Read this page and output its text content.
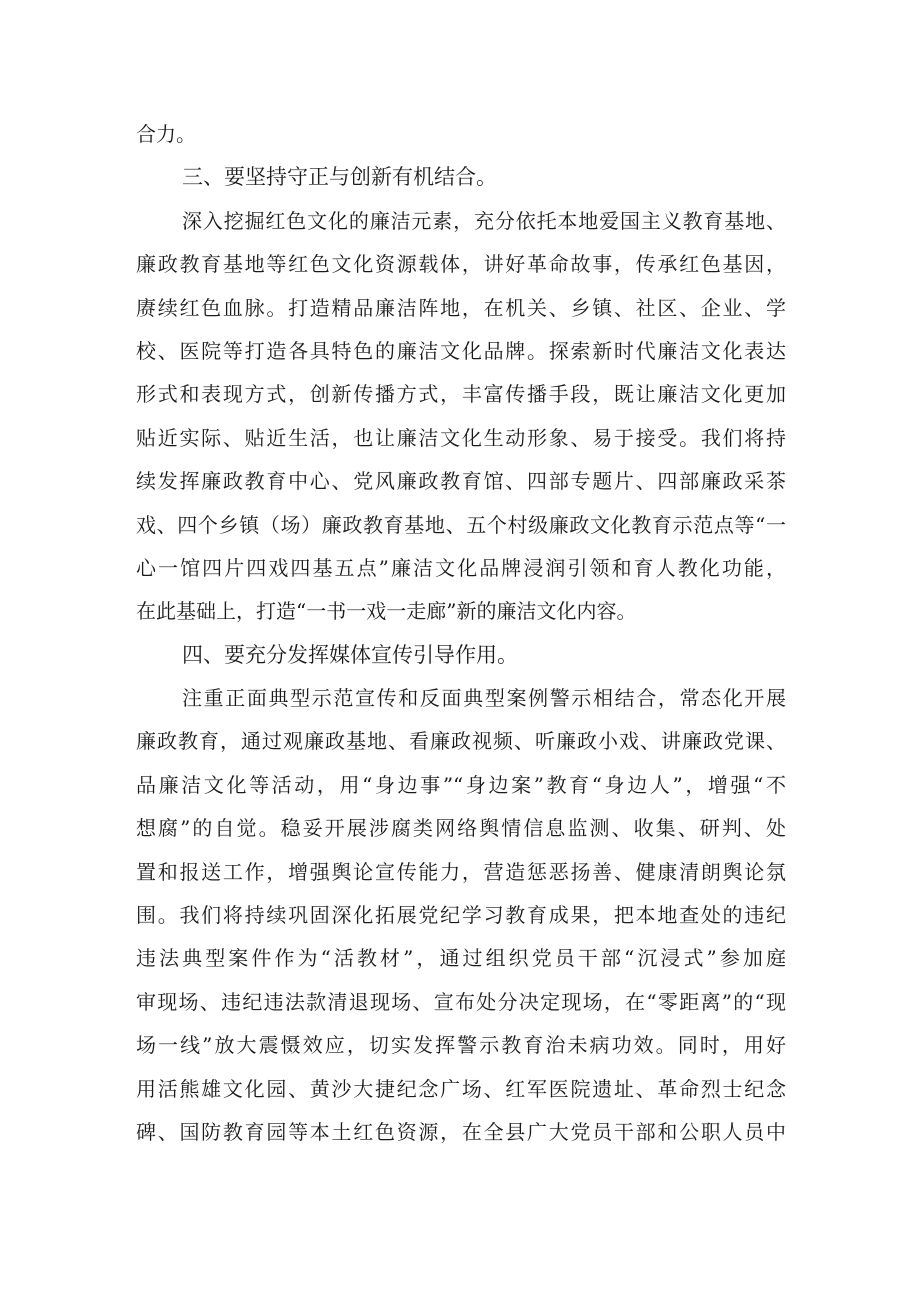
合力。
三、要坚持守正与创新有机结合。
深入挖掘红色文化的廉洁元素，充分依托本地爱国主义教育基地、
廉政教育基地等红色文化资源载体，讲好革命故事，传承红色基因，
赓续红色血脉。打造精品廉洁阵地，在机关、乡镇、社区、企业、学
校、医院等打造各具特色的廉洁文化品牌。探索新时代廉洁文化表达
形式和表现方式，创新传播方式，丰富传播手段，既让廉洁文化更加
贴近实际、贴近生活，也让廉洁文化生动形象、易于接受。我们将持
续发挥廉政教育中心、党风廉政教育馆、四部专题片、四部廉政采茶
戏、四个乡镇（场）廉政教育基地、五个村级廉政文化教育示范点等“一
心一馆四片四戏四基五点”廉洁文化品牌浸润引领和育人教化功能，
在此基础上，打造“一书一戏一走廊”新的廉洁文化内容。
四、要充分发挥媒体宣传引导作用。
注重正面典型示范宣传和反面典型案例警示相结合，常态化开展
廉政教育，通过观廉政基地、看廉政视频、听廉政小戏、讲廉政党课、
品廉洁文化等活动，用“身边事”“身边案”教育“身边人”，增强“不
想腐”的自觉。稳妥开展涉腐类网络舆情信息监测、收集、研判、处
置和报送工作，增强舆论宣传能力，营造惩恶扬善、健康清朗舆论氛
围。我们将持续巩固深化拓展党纪学习教育成果，把本地查处的违纪
违法典型案件作为“活教材”，通过组织党员干部“沉浸式”参加庭
审现场、违纪违法款清退现场、宣布处分决定现场，在“零距离”的“现
场一线”放大震慑效应，切实发挥警示教育治未病功效。同时，用好
用活熊雄文化园、黄沙大捷纪念广场、红军医院遗址、革命烈士纪念
碑、国防教育园等本土红色资源，在全县广大党员干部和公职人员中
